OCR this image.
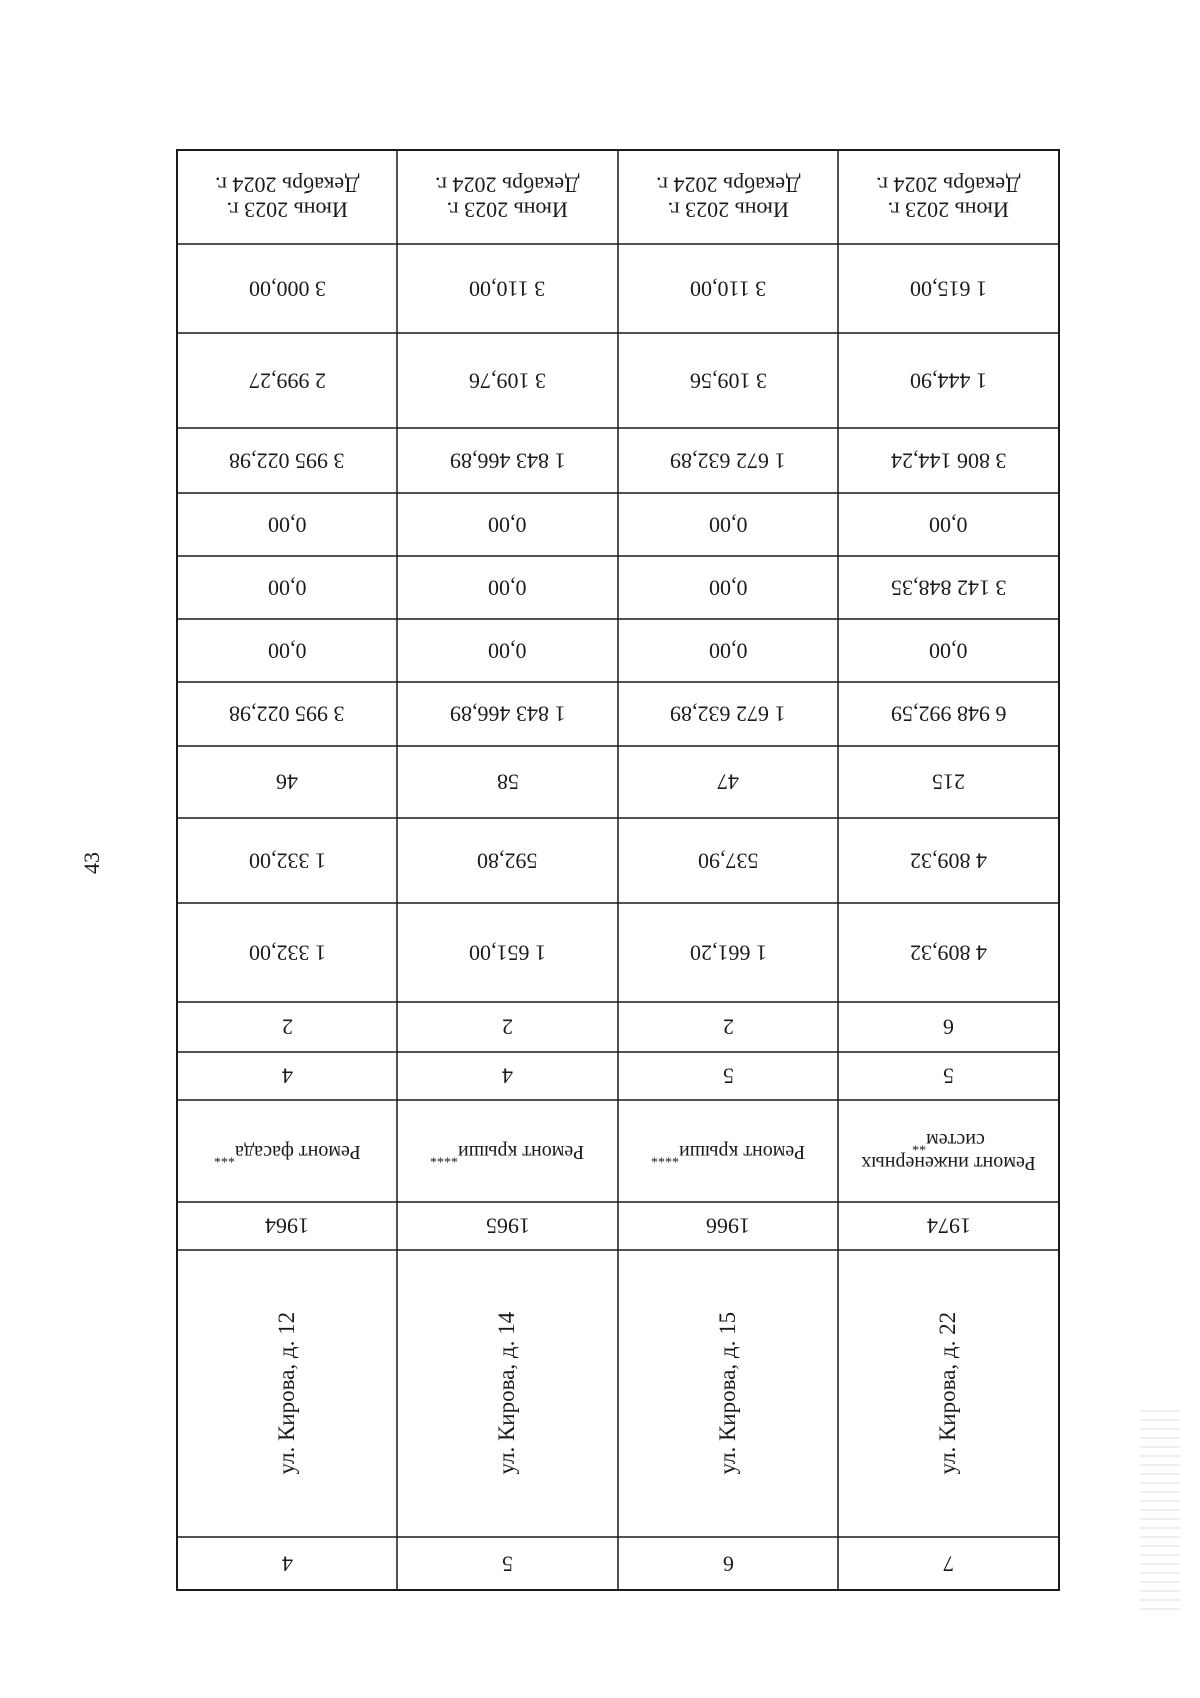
43
Июнь 2023 г.
Декабрь 2024 г.
3 000,00
2 999,27
3 995 022,98
0,00
0,00
0,00
3 995 022,98
46
1 332,00
1 332,00
2
4
Ремонт фасада***
1964
ул. Кирова, д. 12
4
Июнь 2023 г.
Декабрь 2024 г.
3 110,00
3 109,76
1 843 466,89
0,00
0,00
0,00
1 843 466,89
58
592,80
1 651,00
2
4
Ремонт крыши****
1965
ул. Кирова, д. 14
5
Июнь 2023 г.
Декабрь 2024 г.
3 110,00
3 109,56
1 672 632,89
0,00
0,00
0,00
1 672 632,89
47
537,90
1 661,20
2
5
Ремонт крыши****
1966
ул. Кирова, д. 15
6
Июнь 2023 г.
Декабрь 2024 г.
1 615,00
1 444,90
3 806 144,24
0,00
3 142 848,35
0,00
6 948 992,59
215
4 809,32
4 809,32
6
5
Ремонт инженерных систем**
1974
ул. Кирова, д. 22
7
